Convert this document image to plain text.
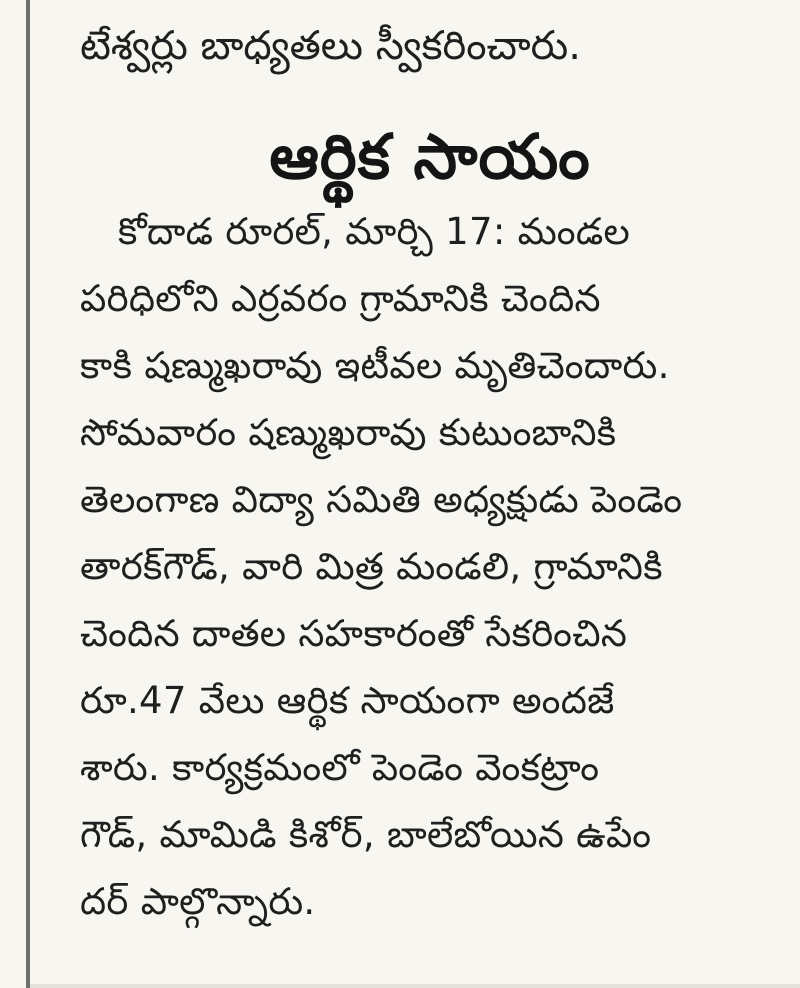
టేశ్వర్లు బాధ్యతలు స్వీకరించారు.
ఆర్థిక సాయం
కోదాడ రూరల్, మార్చి 17: మండల
పరిధిలోని ఎర్రవరం గ్రామానికి చెందిన
కాకి షణ్ముఖరావు ఇటీవల మృతిచెందారు.
సోమవారం షణ్ముఖరావు కుటుంబానికి
తెలంగాణ విద్యా సమితి అధ్యక్షుడు పెండెం
తారక్‌గౌడ్, వారి మిత్ర మండలి, గ్రామానికి
చెందిన దాతల సహకారంతో సేకరించిన
రూ.47 వేలు ఆర్థిక సాయంగా అందజే
శారు. కార్యక్రమంలో పెండెం వెంకట్రాం
గౌడ్, మామిడి కిశోర్, బాలేబోయిన ఉపేం
దర్ పాల్గొన్నారు.
